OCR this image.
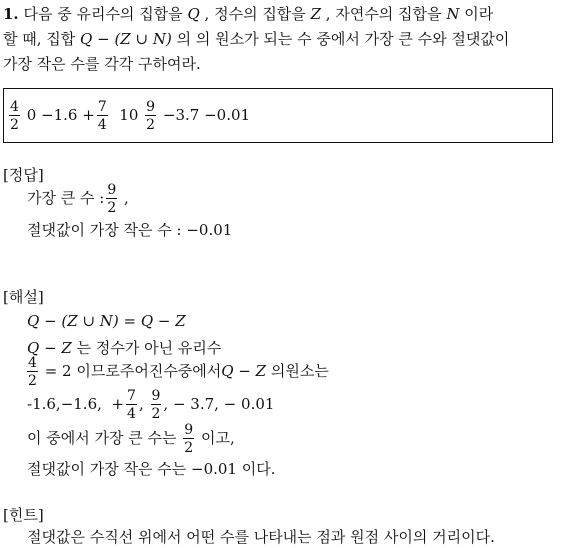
1. 다음 중 유리수의 집합을 Q , 정수의 집합을 Z , 자연수의 집합을 N 이라
할 때, 집합 Q − (Z ∪ N) 의 의 원소가 되는 수 중에서 가장 큰 수와 절댓값이
가장 작은 수를 각각 구하여라.
$\frac{4}{2} 0 -1.6 + \frac{7}{4} 10 \frac{9}{2} -3.7 -0.01$
[정답]
가장 큰 수 : $\frac{9}{2}$ ,
절댓값이 가장 작은 수 : −0.01
[해설]
Q − (Z ∪ N) = Q − Z
Q − Z 는 정수가 아닌 유리수
$\frac{4}{2} = 2$ 이므로주어진수중에서Q − Z 의원소는
-1.6,−1.6, + $\frac{7}{4}$ , $\frac{9}{2}$ , − 3.7, − 0.01
이 중에서 가장 큰 수는 $\frac{9}{2}$ 이고,
절댓값이 가장 작은 수는 −0.01 이다.
[힌트]
절댓값은 수직선 위에서 어떤 수를 나타내는 점과 원점 사이의 거리이다.
